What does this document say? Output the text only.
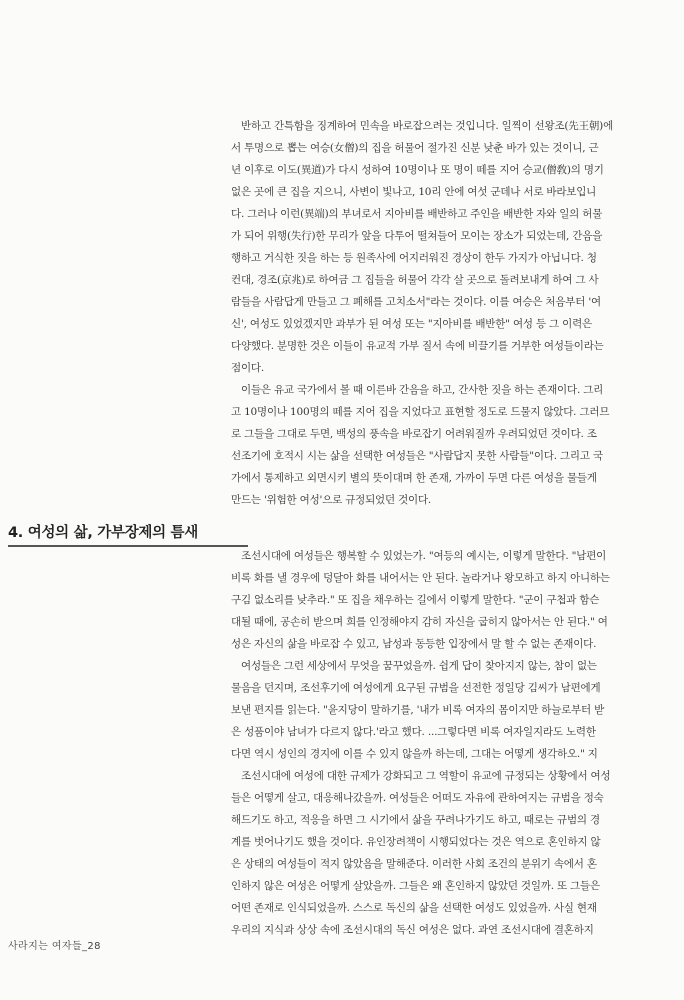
반하고 간특함을 징계하여 민속을 바로잡으려는 것입니다. 일찍이 선왕조(先王朝)에
서 투명으로 뽑는 여승(女僧)의 집을 허물어 절가진 신분 낮춘 바가 있는 것이니, 근
년 이후로 이도(異道)가 다시 성하여 10명이나 또 명이 떼를 지어 승교(僧敎)의 명기
없은 곳에 큰 집을 지으니, 사변이 빛나고, 10리 안에 여섯 군데나 서로 바라보입니
다. 그러나 이런(異端)의 부녀로서 지아비를 배반하고 주인을 배반한 자와 일의 허물
가 되어 위행(失行)한 무리가 앞을 다투어 떨쳐들어 모이는 장소가 되었는데, 간음을
행하고 거식한 짓을 하는 등 원족사에 어지러워진 경상이 한두 가지가 아닙니다. 청
컨대, 경조(京兆)로 하여금 그 집들을 허물어 각각 살 곳으로 돌려보내게 하여 그 사
람들을 사람답게 만들고 그 폐해를 고치소서"라는 것이다. 이를 여승은 처음부터 '여
신', 여성도 있었겠지만 과부가 된 여성 또는 "지아비를 배반한" 여성 등 그 이력은
다양했다. 분명한 것은 이들이 유교적 가부 질서 속에 비끌기를 거부한 여성들이라는
점이다.
이들은 유교 국가에서 볼 때 이른바 간음을 하고, 간사한 짓을 하는 존재이다. 그리
고 10명이나 100명의 떼를 지어 집을 지었다고 표현할 정도로 드물지 않았다. 그러므
로 그들을 그대로 두면, 백성의 풍속을 바로잡기 어려워질까 우려되었던 것이다. 조
선조기에 호적시 시는 삶을 선택한 여성들은 "사람답지 못한 사람들"이다. 그리고 국
가에서 통제하고 외면시키 별의 뜻이대며 한 존재, 가까이 두면 다른 여성을 물들게
만드는 '위험한 여성'으로 규정되었던 것이다.
4. 여성의 삶, 가부장제의 틈새
조선시대에 여성들은 행복할 수 있었는가. "여등의 예시는, 이렇게 말한다. "남편이
비록 화를 낼 경우에 덩달아 화를 내어서는 안 된다. 놀라거나 왕모하고 하지 아니하는
구김 없소리를 낮추라." 또 집을 채우하는 길에서 이렇게 말한다. "군이 구첩과 함슨
대될 때에, 공손히 받으며 희를 인정해야지 감히 자신을 굽히지 않아서는 안 된다." 여
성은 자신의 삶을 바로잡 수 있고, 남성과 동등한 입장에서 말 할 수 없는 존재이다.
여성들은 그런 세상에서 무엇을 꿈꾸었을까. 쉽게 답이 찾아지지 않는, 참이 없는
물음을 던지며, 조선후기에 여성에게 요구된 규범을 선전한 정일당 김씨가 남편에게
보낸 편지를 읽는다. "윤지당이 말하기를, '내가 비록 여자의 몸이지만 하늘로부터 받
은 성품이야 남녀가 다르지 않다.'라고 했다. ...그렇다면 비록 여자일지라도 노력한
다면 역시 성인의 경지에 이를 수 있지 않을까 하는데, 그대는 어떻게 생각하오." 지
조선시대에 여성에 대한 규제가 강화되고 그 역할이 유교에 규정되는 상황에서 여성
들은 어떻게 살고, 대응해나갔을까. 여성들은 어떠도 자유에 관하여지는 규범을 정숙
해드기도 하고, 적응을 하면 그 시기에서 삶을 꾸려나가기도 하고, 때로는 규범의 경
계를 벗어나기도 했을 것이다. 유인장려책이 시행되었다는 것은 역으로 혼인하지 않
은 상태의 여성들이 적지 않았음을 말해준다. 이러한 사회 조건의 분위기 속에서 혼
인하지 않은 여성은 어떻게 살았을까. 그들은 왜 혼인하지 않았던 것일까. 또 그들은
어떤 존재로 인식되었을까. 스스로 독신의 삶을 선택한 여성도 있었을까. 사실 현재
우리의 지식과 상상 속에 조선시대의 독신 여성은 없다. 과연 조선시대에 결혼하지
사라지는 여자들_28
